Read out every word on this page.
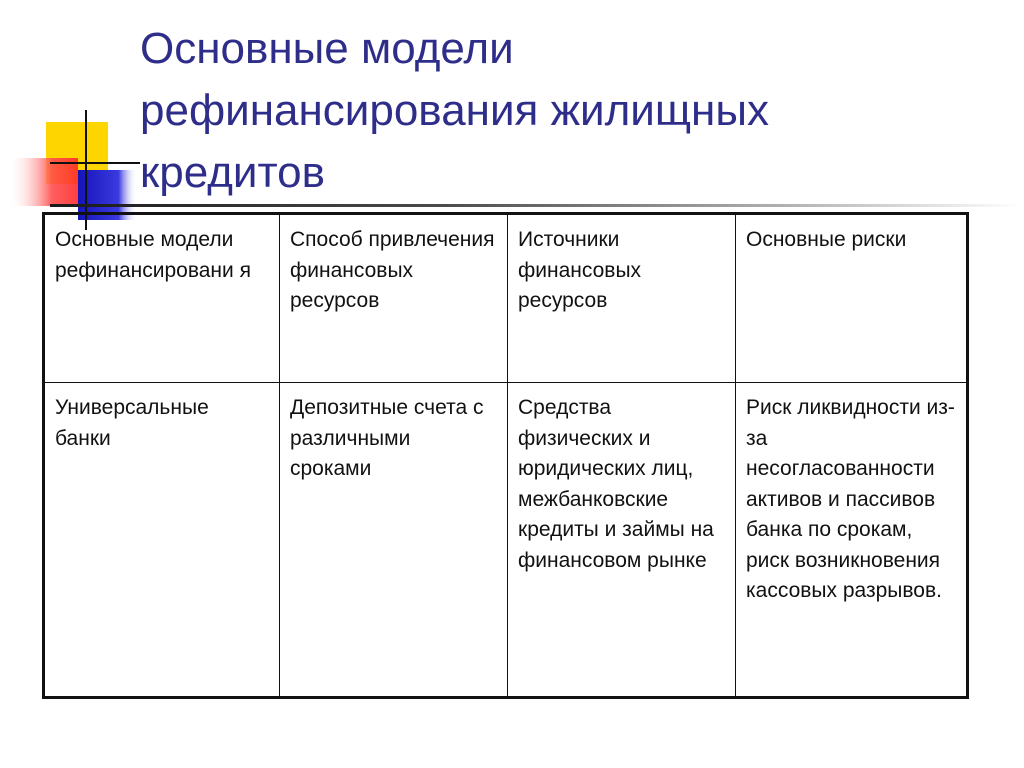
Основные модели
рефинансирования жилищных
кредитов
Основные модели рефинансировани я	Способ привлечения финансовых ресурсов	Источники финансовых ресурсов	Основные риски
Универсальные банки	Депозитные счета с различными сроками	Средства физических и юридических лиц, межбанковские кредиты и займы на финансовом рынке	Риск ликвидности из-за несогласованности активов и пассивов банка по срокам, риск возникновения кассовых разрывов.
